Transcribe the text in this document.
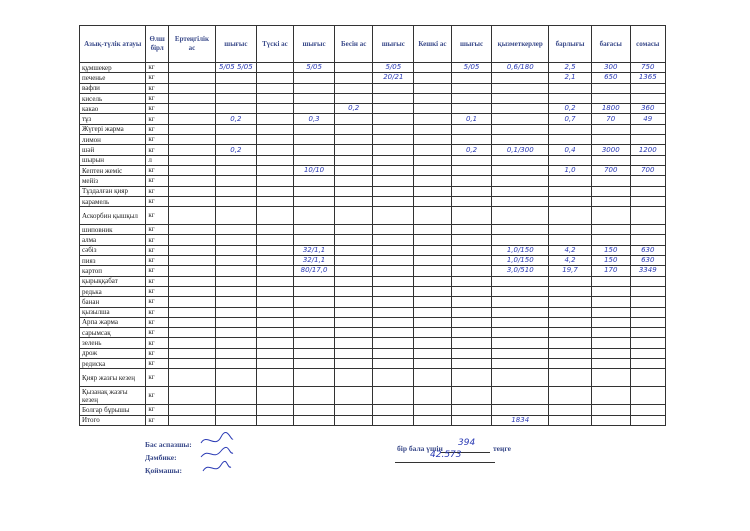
Азық-түлік атауы	Өлш бірл	Ертеңгілік ас	шығыс	Түскі ас	шығыс	Бесін ас	шығыс	Кешкі ас	шығыс	қызметкерлер	барлығы	бағасы	сомасы
құмшекер	кг		5/05 5/05		5/05		5/05		5/05	0,6/180	2,5	300	750
печенье	кг						20/21				2,1	650	1365
вафли	кг												
кисель	кг												
какао	кг					0,2					0,2	1800	360
тұз	кг		0,2		0,3				0,1		0,7	70	49
Жүгері жарма	кг												
лимон	кг												
шәй	кг		0,2						0,2	0,1/300	0,4	3000	1200
шырын	л												
Кептен жеміс	кг				10/10						1,0	700	700
мейіз	кг												
Тұздалған қияр	кг												
карамель	кг												
Аскорбин қышқыл	кг												
шиповник	кг												
алма	кг												
сәбіз	кг				32/1,1					1,0/150	4,2	150	630
пияз	кг				32/1,1					1,0/150	4,2	150	630
картоп	кг				80/17,0					3,0/510	19,7	170	3349
қырыққабат	кг												
редька	кг												
банан	кг												
қызылша	кг												
Арпа жарма	кг												
сарымсақ	кг												
зелень	кг												
дрож	кг												
редиска	кг												
Қияр жазғы кезең	кг												
Қызанақ жазғы кезең	кг												
Болгар бұрышы	кг												
Итого	кг									1834			
Бас аспазшы:
Дәмбике:
Қоймашы:
бір бала үшін
394
теңге
42.573
